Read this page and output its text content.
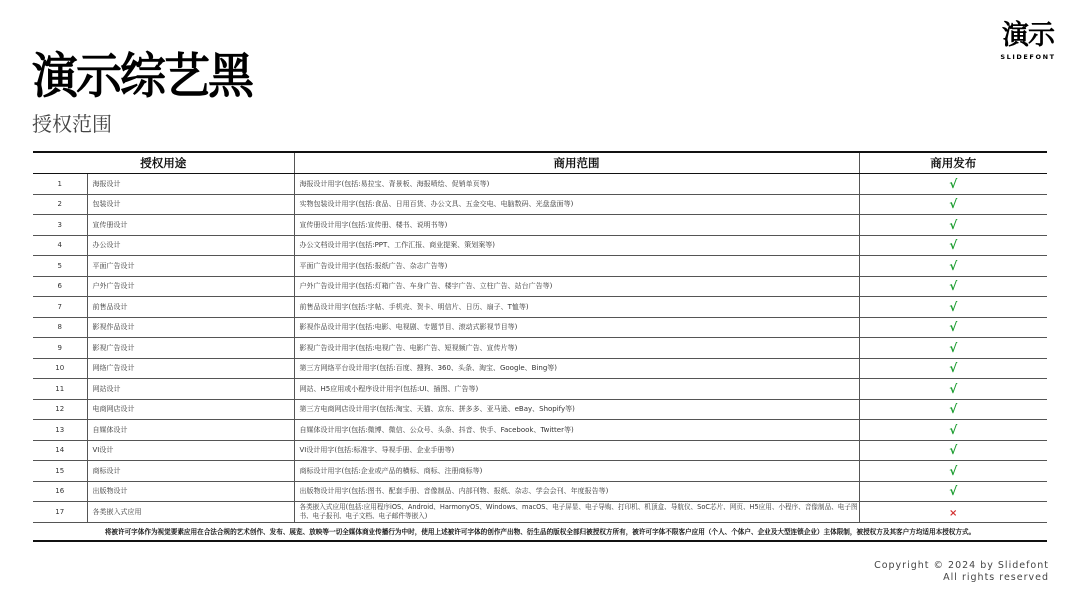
演示综艺黑
授权范围
演示
SLIDEFONT
授权用途		商用范围	商用发布
1	海报设计	海报设计用字(包括:易拉宝、背景板、海报喷绘、促销单页等)	√
2	包装设计	实物包装设计用字(包括:食品、日用百货、办公文具、五金交电、电脑数码、光盘盘面等)	√
3	宣传册设计	宣传册设计用字(包括:宣传册、楼书、说明书等)	√
4	办公设计	办公文档设计用字(包括:PPT、工作汇报、商业提案、策划案等)	√
5	平面广告设计	平面广告设计用字(包括:报纸广告、杂志广告等)	√
6	户外广告设计	户外广告设计用字(包括:灯箱广告、车身广告、楼宇广告、立柱广告、站台广告等)	√
7	前售品设计	前售品设计用字(包括:字帖、手机壳、贺卡、明信片、日历、扇子、T恤等)	√
8	影视作品设计	影视作品设计用字(包括:电影、电视剧、专题节目、滚动式影视节目等)	√
9	影视广告设计	影视广告设计用字(包括:电视广告、电影广告、短视频广告、宣传片等)	√
10	网络广告设计	第三方网络平台设计用字(包括:百度、搜狗、360、头条、淘宝、Google、Bing等)	√
11	网站设计	网站、H5应用或小程序设计用字(包括:UI、插图、广告等)	√
12	电商网店设计	第三方电商网店设计用字(包括:淘宝、天猫、京东、拼多多、亚马逊、eBay、Shopify等)	√
13	自媒体设计	自媒体设计用字(包括:微博、微信、公众号、头条、抖音、快手、Facebook、Twitter等)	√
14	VI设计	VI设计用字(包括:标准字、导视手册、企业手册等)	√
15	商标设计	商标设计用字(包括:企业或产品的横标、商标、注册商标等)	√
16	出版物设计	出版物设计用字(包括:图书、配套手册、音像制品、内部刊物、报纸、杂志、学会会刊、年度报告等)	√
17	各类嵌入式应用	各类嵌入式应用(包括:应用程序iOS、Android、HarmonyOS、Windows、macOS、电子屏显、电子导购、打印机、机顶盒、导航仪、SoC芯片、网页、H5应用、小程序、音像制品、电子图书、电子报刊、电子文档、电子邮件等嵌入)	×
将被许可字体作为视觉要素应用在合法合规的艺术创作、发布、展览、放映等一切全媒体商业传播行为中时，使用上述被许可字体的创作产出物、衍生品的版权全部归被授权方所有，被许可字体不限客户应用（个人、个体户、企业及大型连锁企业）主体限制，被授权方及其客户方均适用本授权方式。			
Copyright © 2024 by Slidefont
All rights reserved
